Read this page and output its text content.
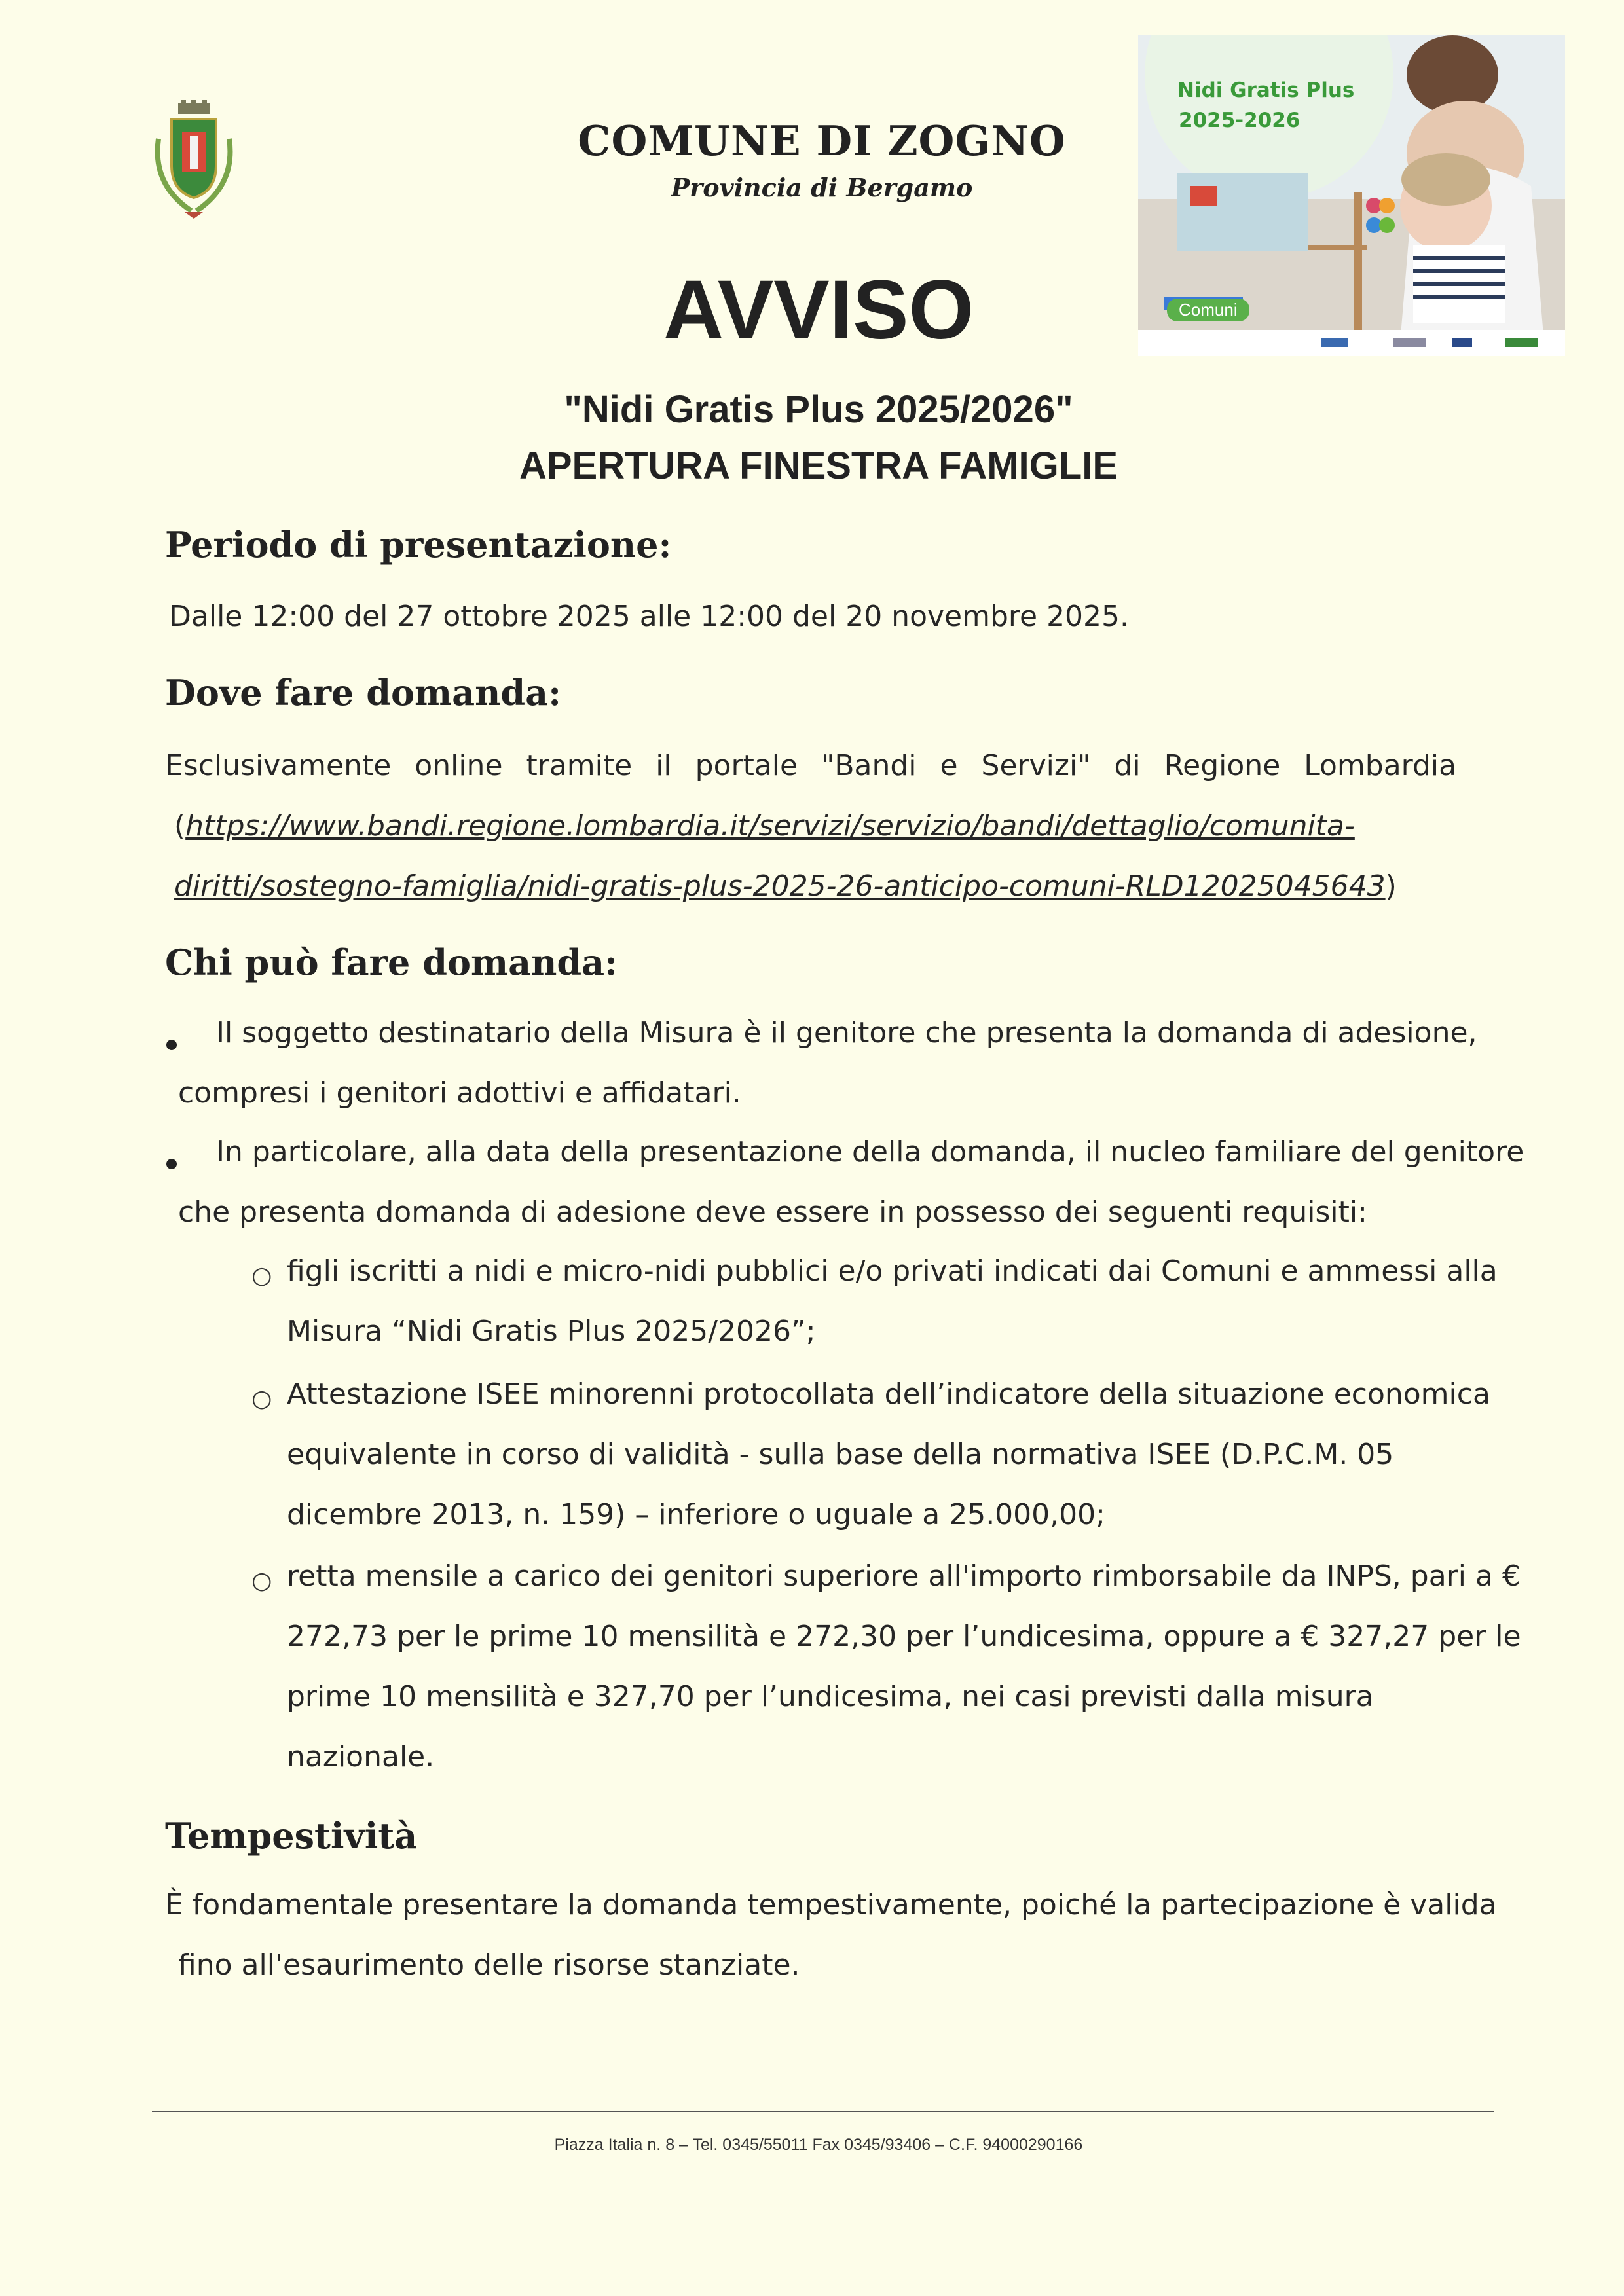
COMUNE DI ZOGNO
Provincia di Bergamo
Nidi Gratis Plus
2025-2026
Comuni
AVVISO
"Nidi Gratis Plus 2025/2026"
APERTURA FINESTRA FAMIGLIE
Periodo di presentazione:
Dalle 12:00 del 27 ottobre 2025 alle 12:00 del 20 novembre 2025.
Dove fare domanda:
Esclusivamente online tramite il portale "Bandi e Servizi" di Regione Lombardia
(https://www.bandi.regione.lombardia.it/servizi/servizio/bandi/dettaglio/comunita-
diritti/sostegno-famiglia/nidi-gratis-plus-2025-26-anticipo-comuni-RLD12025045643)
Chi può fare domanda:
Il soggetto destinatario della Misura è il genitore che presenta la domanda di adesione,
compresi i genitori adottivi e affidatari.
In particolare, alla data della presentazione della domanda, il nucleo familiare del genitore
che presenta domanda di adesione deve essere in possesso dei seguenti requisiti:
○ figli iscritti a nidi e micro-nidi pubblici e/o privati indicati dai Comuni e ammessi alla
Misura “Nidi Gratis Plus 2025/2026”;
○ Attestazione ISEE minorenni protocollata dell’indicatore della situazione economica
equivalente in corso di validità - sulla base della normativa ISEE (D.P.C.M. 05
dicembre 2013, n. 159) – inferiore o uguale a 25.000,00;
○ retta mensile a carico dei genitori superiore all'importo rimborsabile da INPS, pari a €
272,73 per le prime 10 mensilità e 272,30 per l’undicesima, oppure a € 327,27 per le
prime 10 mensilità e 327,70 per l’undicesima, nei casi previsti dalla misura
nazionale.
Tempestività
È fondamentale presentare la domanda tempestivamente, poiché la partecipazione è valida
fino all'esaurimento delle risorse stanziate.
Piazza Italia n. 8 – Tel. 0345/55011 Fax 0345/93406 – C.F. 94000290166
